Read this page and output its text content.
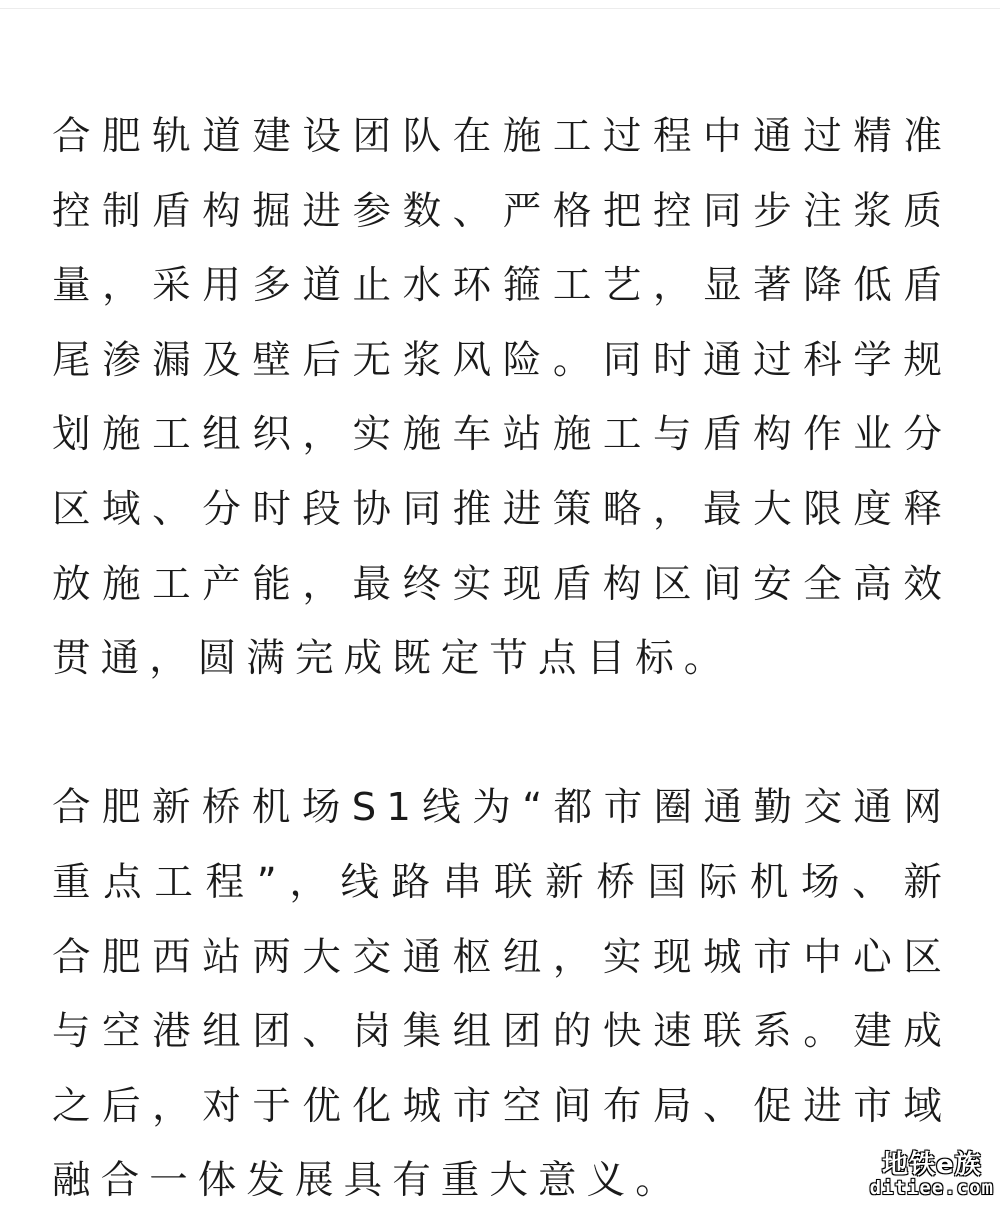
合肥轨道建设团队在施工过程中通过精准控制盾构掘进参数、严格把控同步注浆质量，采用多道止水环箍工艺，显著降低盾尾渗漏及壁后无浆风险。同时通过科学规划施工组织，实施车站施工与盾构作业分区域、分时段协同推进策略，最大限度释放施工产能，最终实现盾构区间安全高效贯通，圆满完成既定节点目标。

合肥新桥机场S1线为“都市圈通勤交通网重点工程”，线路串联新桥国际机场、新合肥西站两大交通枢纽，实现城市中心区与空港组团、岗集组团的快速联系。建成之后，对于优化城市空间布局、促进市域融合一体发展具有重大意义。	地铁e族
ditiee.com
